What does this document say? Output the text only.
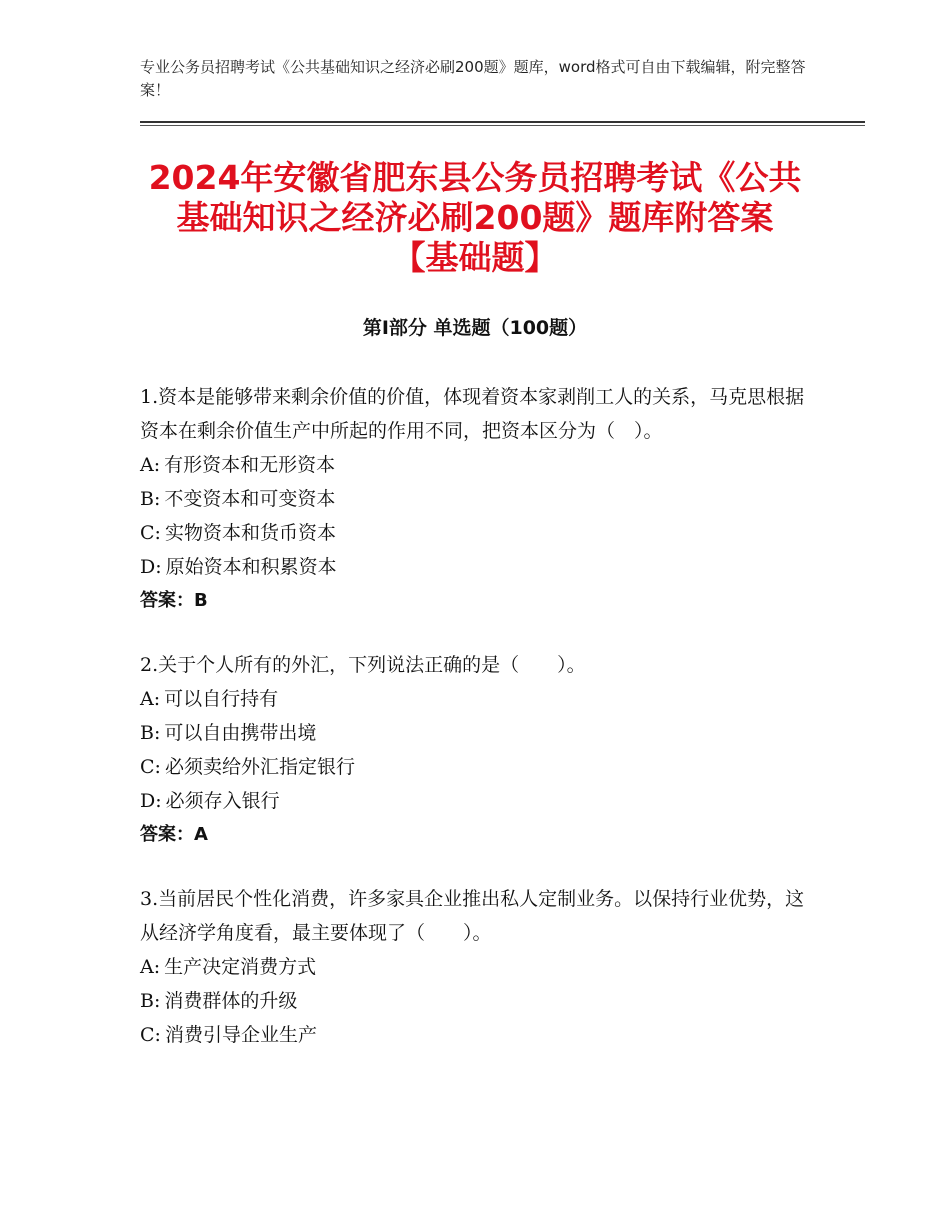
专业公务员招聘考试《公共基础知识之经济必刷200题》题库，word格式可自由下载编辑，附完整答案！
2024年安徽省肥东县公务员招聘考试《公共
基础知识之经济必刷200题》题库附答案
【基础题】
第I部分 单选题（100题）

1.资本是能够带来剩余价值的价值，体现着资本家剥削工人的关系，马克思根据资本在剩余价值生产中所起的作用不同，把资本区分为（　）。

A: 有形资本和无形资本

B: 不变资本和可变资本

C: 实物资本和货币资本

D: 原始资本和积累资本

答案：B

2.关于个人所有的外汇，下列说法正确的是（　　）。

A: 可以自行持有

B: 可以自由携带出境

C: 必须卖给外汇指定银行

D: 必须存入银行

答案：A

3.当前居民个性化消费，许多家具企业推出私人定制业务。以保持行业优势，这从经济学角度看，最主要体现了（　　）。

A: 生产决定消费方式

B: 消费群体的升级

C: 消费引导企业生产
